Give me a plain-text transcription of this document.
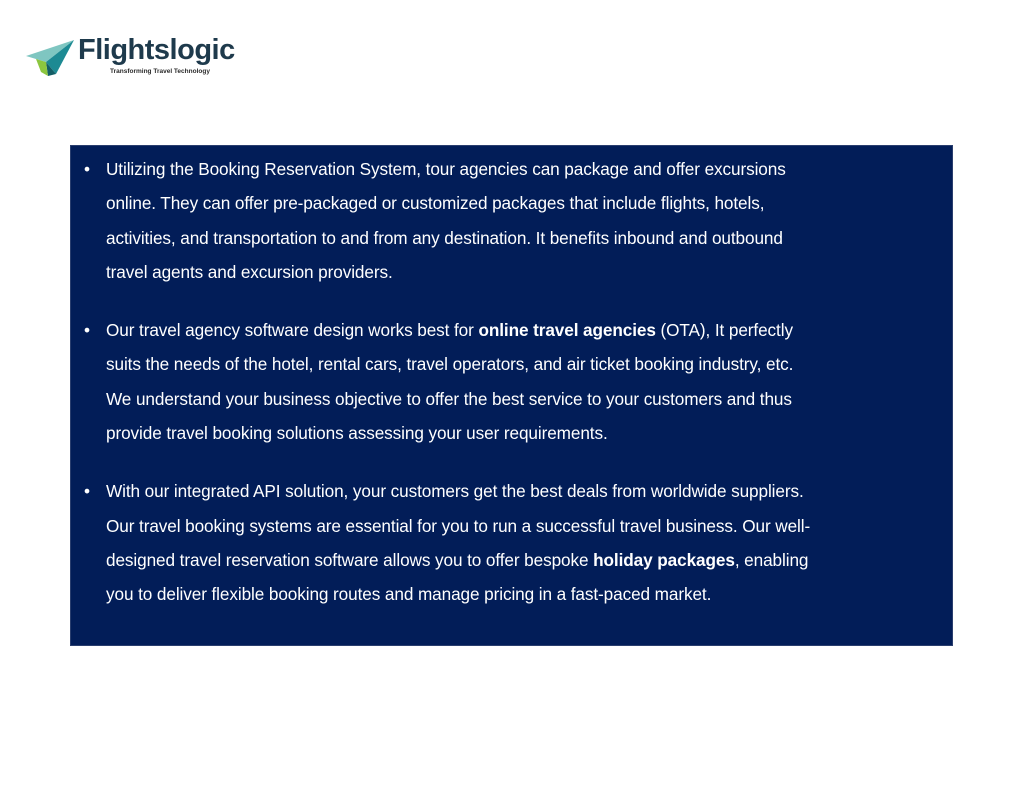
Flightslogic
Transforming Travel Technology
• Utilizing the Booking Reservation System, tour agencies can package and offer excursions
online. They can offer pre-packaged or customized packages that include flights, hotels,
activities, and transportation to and from any destination. It benefits inbound and outbound
travel agents and excursion providers.
• Our travel agency software design works best for online travel agencies (OTA), It perfectly
suits the needs of the hotel, rental cars, travel operators, and air ticket booking industry, etc.
We understand your business objective to offer the best service to your customers and thus
provide travel booking solutions assessing your user requirements.
• With our integrated API solution, your customers get the best deals from worldwide suppliers.
Our travel booking systems are essential for you to run a successful travel business. Our well-
designed travel reservation software allows you to offer bespoke holiday packages, enabling
you to deliver flexible booking routes and manage pricing in a fast-paced market.
